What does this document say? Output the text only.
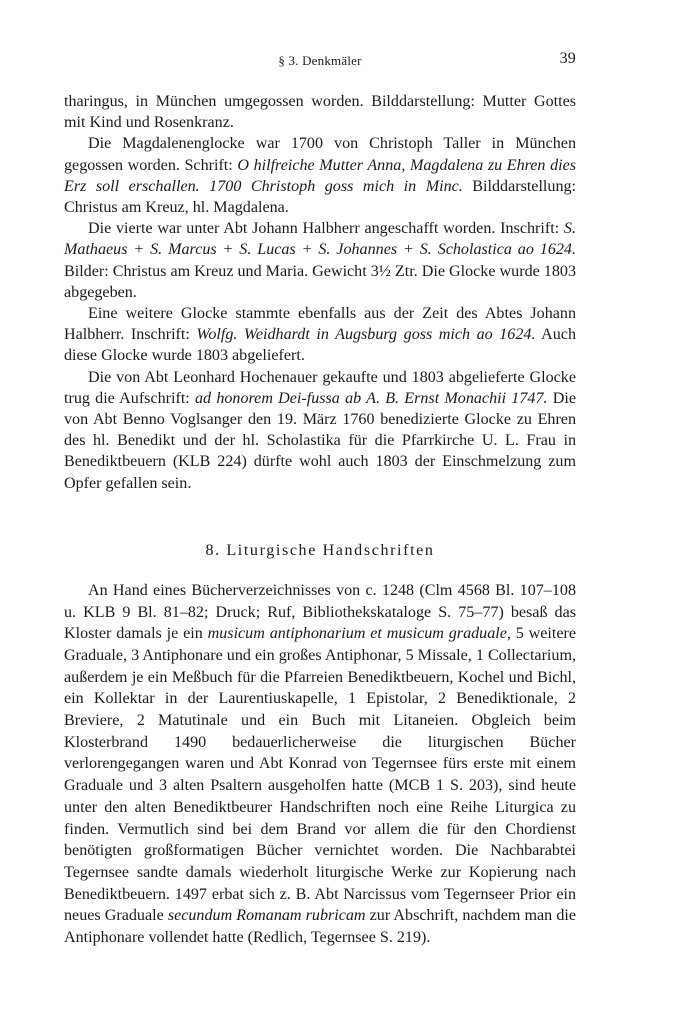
§ 3. Denkmäler	39

tharingus, in München umgegossen worden. Bilddarstellung: Mutter Gottes mit Kind und Rosenkranz.

Die Magdalenenglocke war 1700 von Christoph Taller in München gegossen worden. Schrift: O hilfreiche Mutter Anna, Magdalena zu Ehren dies Erz soll erschallen. 1700 Christoph goss mich in Minc. Bilddarstellung: Christus am Kreuz, hl. Magdalena.

Die vierte war unter Abt Johann Halbherr angeschafft worden. Inschrift: S. Mathaeus + S. Marcus + S. Lucas + S. Johannes + S. Scholastica ao 1624. Bilder: Christus am Kreuz und Maria. Gewicht 3½ Ztr. Die Glocke wurde 1803 abgegeben.

Eine weitere Glocke stammte ebenfalls aus der Zeit des Abtes Johann Halbherr. Inschrift: Wolfg. Weidhardt in Augsburg goss mich ao 1624. Auch diese Glocke wurde 1803 abgeliefert.

Die von Abt Leonhard Hochenauer gekaufte und 1803 abgelieferte Glocke trug die Aufschrift: ad honorem Dei-fussa ab A. B. Ernst Monachii 1747. Die von Abt Benno Voglsanger den 19. März 1760 benedizierte Glocke zu Ehren des hl. Benedikt und der hl. Scholastika für die Pfarrkirche U. L. Frau in Benediktbeuern (KLB 224) dürfte wohl auch 1803 der Einschmelzung zum Opfer gefallen sein.

8. Liturgische Handschriften

An Hand eines Bücherverzeichnisses von c. 1248 (Clm 4568 Bl. 107–108 u. KLB 9 Bl. 81–82; Druck; Ruf, Bibliothekskataloge S. 75–77) besaß das Kloster damals je ein musicum antiphonarium et musicum graduale, 5 weitere Graduale, 3 Antiphonare und ein großes Antiphonar, 5 Missale, 1 Collectarium, außerdem je ein Meßbuch für die Pfarreien Benediktbeuern, Kochel und Bichl, ein Kollektar in der Laurentiuskapelle, 1 Epistolar, 2 Benediktionale, 2 Breviere, 2 Matutinale und ein Buch mit Litaneien. Obgleich beim Klosterbrand 1490 bedauerlicherweise die liturgischen Bücher verlorengegangen waren und Abt Konrad von Tegernsee fürs erste mit einem Graduale und 3 alten Psaltern ausgeholfen hatte (MCB 1 S. 203), sind heute unter den alten Benediktbeurer Handschriften noch eine Reihe Liturgica zu finden. Vermutlich sind bei dem Brand vor allem die für den Chordienst benötigten großformatigen Bücher vernichtet worden. Die Nachbarabtei Tegernsee sandte damals wiederholt liturgische Werke zur Kopierung nach Benediktbeuern. 1497 erbat sich z. B. Abt Narcissus vom Tegernseer Prior ein neues Graduale secundum Romanam rubricam zur Abschrift, nachdem man die Antiphonare vollendet hatte (Redlich, Tegernsee S. 219).
